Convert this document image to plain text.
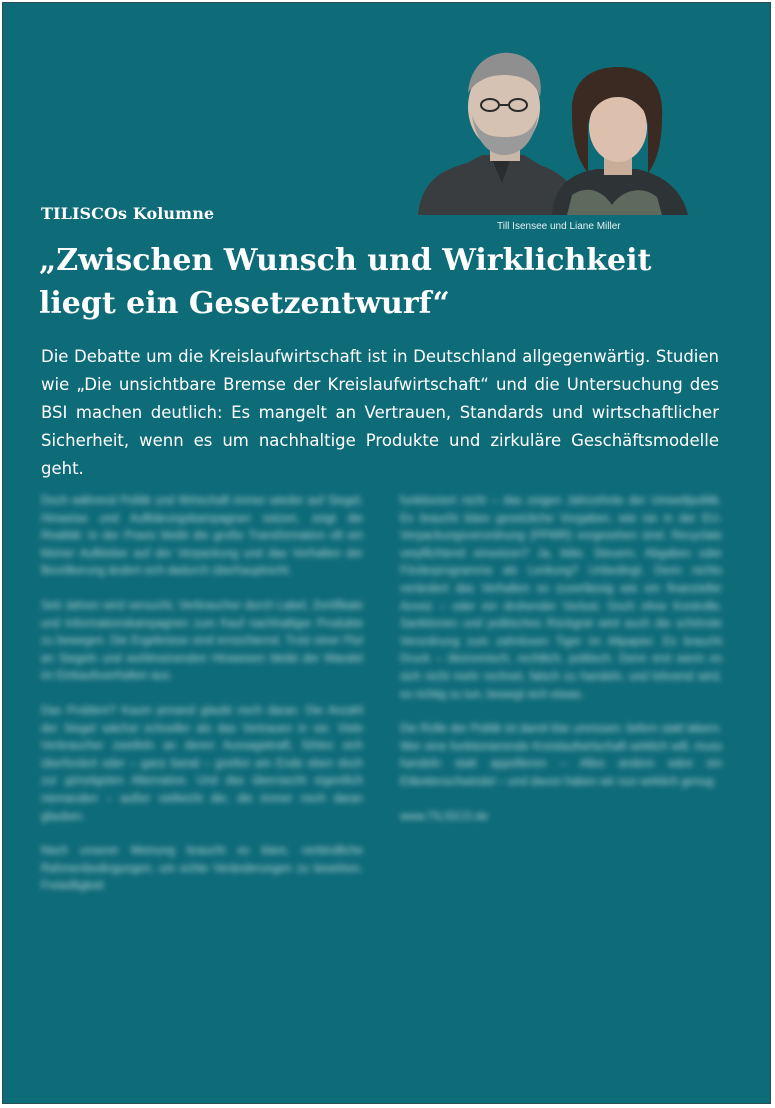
Till Isensee und Liane Miller
TILISCOs Kolumne
„Zwischen Wunsch und Wirklichkeit
liegt ein Gesetzentwurf“

Die Debatte um die Kreislaufwirtschaft ist in Deutschland allgegenwärtig. Studien wie „Die unsichtbare Bremse der Kreislaufwirtschaft“ und die Untersuchung des BSI machen deutlich: Es mangelt an Vertrauen, Standards und wirtschaftlicher Sicherheit, wenn es um nachhaltige Produkte und zirkuläre Geschäftsmodelle geht.

Doch während Politik und Wirtschaft immer wieder auf Siegel, Hinweise und Aufklärungskampagnen setzen, zeigt die Realität: In der Praxis bleibt die große Transformation oft ein kleiner Aufkleber auf der Verpackung und das Verhalten der Bevölkerung ändert sich dadurch überhauptnicht.

Seit Jahren wird versucht, Verbraucher durch Label, Zertifikate und Informationskampagnen zum Kauf nachhaltiger Produkte zu bewegen. Die Ergebnisse sind ernüchternd. Trotz einer Flut an Siegeln und wohlmeinenden Hinweisen bleibt der Wandel im Einkaufsverhalten aus.

Das Problem? Kaum jemand glaubt noch daran. Die Anzahl der Siegel wächst schneller als das Vertrauen in sie. Viele Verbraucher zweifeln an deren Aussagekraft, fühlen sich überfordert oder – ganz banal – greifen am Ende eben doch zur günstigsten Alternative. Und das überrascht eigentlich niemanden – außer vielleicht die, die immer noch daran glauben.

Nach unserer Meinung braucht es klare, verbindliche Rahmenbedingungen, um echte Veränderungen zu bewirken. Freiwilligkeit

funktioniert nicht – das zeigen Jahrzehnte der Umweltpolitik. Es braucht klare gesetzliche Vorgaben, wie sie in der EU-Verpackungsverordnung (PPWR) vorgesehen sind. Recyclate verpflichtend einsetzen? Ja, bitte. Steuern, Abgaben oder Förderprogramme als Lenkung? Unbedingt. Denn nichts verändert das Verhalten so zuverlässig wie ein finanzieller Anreiz – oder ein drohender Verlust. Doch ohne Kontrolle, Sanktionen und politisches Rückgrat wird auch die schönste Verordnung zum zahnlosen Tiger im Altpapier. Es braucht Druck – ökonomisch, rechtlich, politisch. Denn erst wenn es sich nicht mehr rechnet, falsch zu handeln, und lohnend wird, es richtig zu tun, bewegt sich etwas.

Die Rolle der Politik ist damit klar umrissen: liefern statt labern. Wer eine funktionierende Kreislaufwirtschaft wirklich will, muss handeln statt appellieren – Alles andere wäre ein Etikettenschwindel – und davon haben wir nun wirklich genug.

www.TILISCO.de
